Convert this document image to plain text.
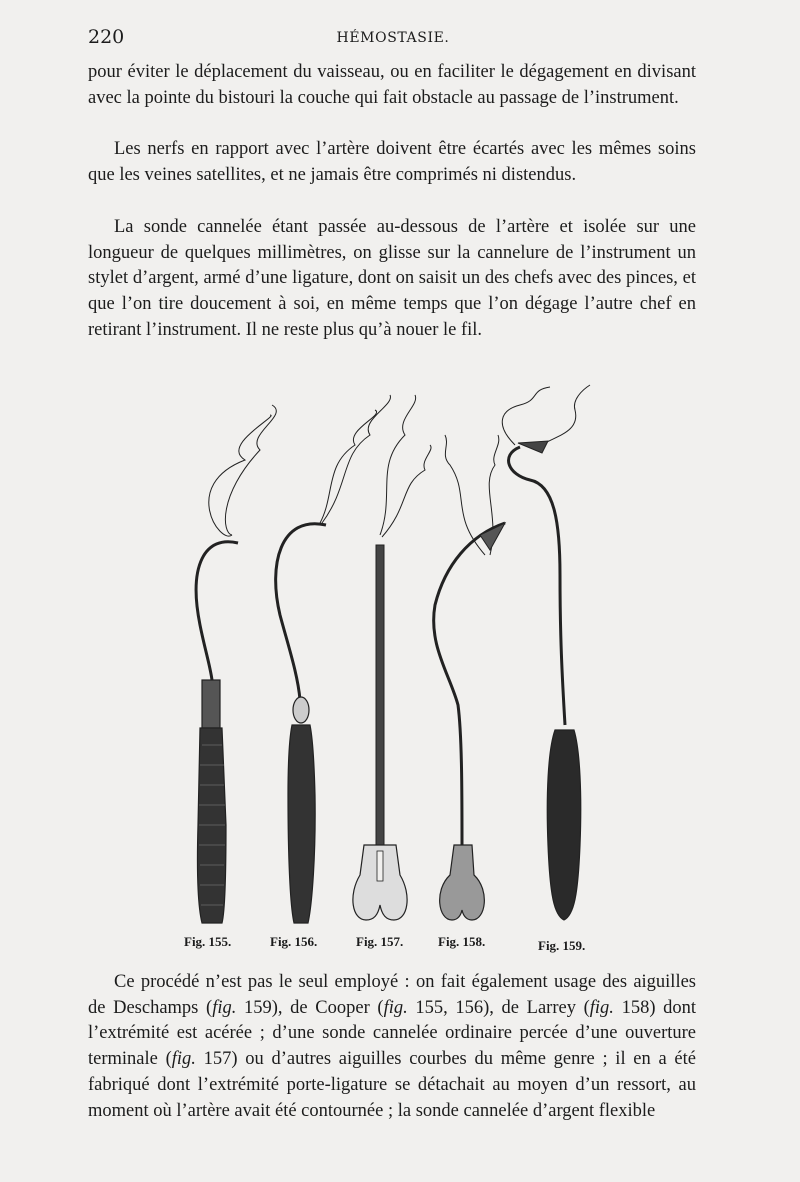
220	HÉMOSTASIE.

pour éviter le déplacement du vaisseau, ou en faciliter le dégagement en divisant avec la pointe du bistouri la couche qui fait obstacle au passage de l’instrument.

Les nerfs en rapport avec l’artère doivent être écartés avec les mêmes soins que les veines satellites, et ne jamais être comprimés ni distendus.

La sonde cannelée étant passée au-dessous de l’artère et isolée sur une longueur de quelques millimètres, on glisse sur la cannelure de l’instrument un stylet d’argent, armé d’une ligature, dont on saisit un des chefs avec des pinces, et que l’on tire doucement à soi, en même temps que l’on dégage l’autre chef en retirant l’instrument. Il ne reste plus qu’à nouer le fil.

Fig. 155.	Fig. 156.	Fig. 157.	Fig. 158.	Fig. 159.

Ce procédé n’est pas le seul employé : on fait également usage des aiguilles de Deschamps (fig. 159), de Cooper (fig. 155, 156), de Larrey (fig. 158) dont l’extrémité est acérée ; d’une sonde cannelée ordinaire percée d’une ouverture terminale (fig. 157) ou d’autres aiguilles courbes du même genre ; il en a été fabriqué dont l’extrémité porte-ligature se détachait au moyen d’un ressort, au moment où l’artère avait été contournée ; la sonde cannelée d’argent flexible
